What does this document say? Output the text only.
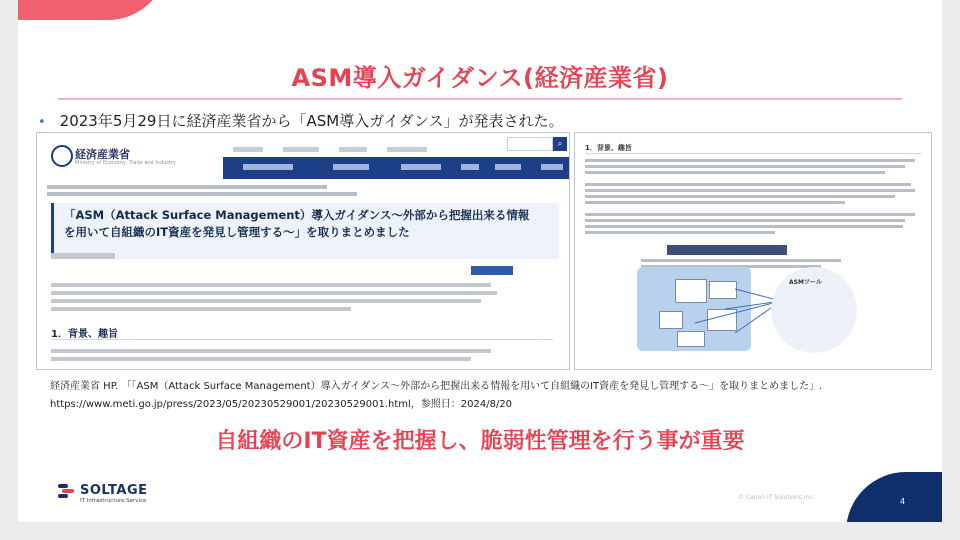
ASM導入ガイダンス(経済産業省)
• 2023年5月29日に経済産業省から「ASM導入ガイダンス」が発表された。
経済産業省
Ministry of Economy, Trade and Industry
⌕
「ASM（Attack Surface Management）導入ガイダンス〜外部から把握出来る情報
を用いて自組織のIT資産を発見し管理する〜」を取りまとめました
1．背景、趣旨
1．背景、趣旨
ASMツール
経済産業省 HP. 「「ASM（Attack Surface Management）導入ガイダンス〜外部から把握出来る情報を用いて自組織のIT資産を発見し管理する〜」を取りまとめました」.
https://www.meti.go.jp/press/2023/05/20230529001/20230529001.html，参照日：2024/8/20
自組織のIT資産を把握し、脆弱性管理を行う事が重要
SOLTAGE
IT Infrastructure Service	© Canon IT Solutions Inc.	4
